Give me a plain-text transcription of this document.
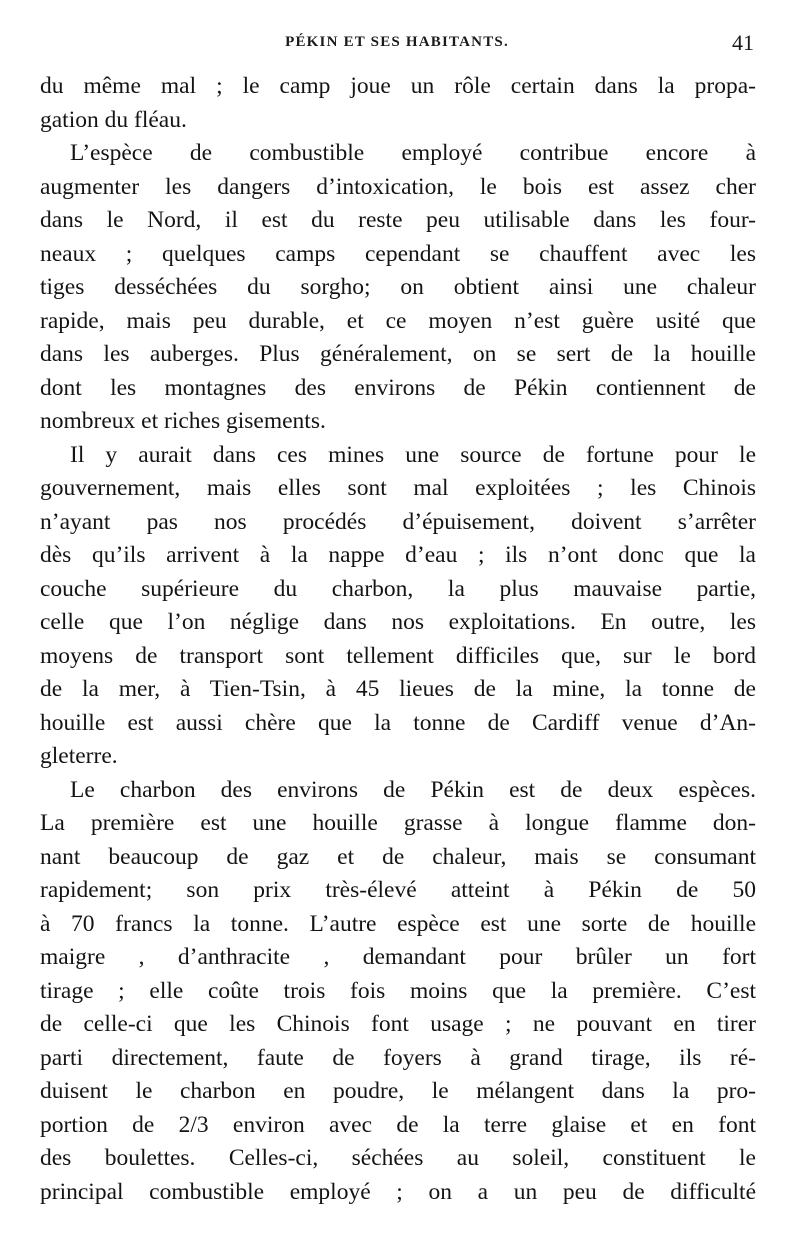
PÉKIN ET SES HABITANTS.	41
du même mal ; le camp joue un rôle certain dans la propa-
gation du fléau.
L’espèce de combustible employé contribue encore à
augmenter les dangers d’intoxication, le bois est assez cher
dans le Nord, il est du reste peu utilisable dans les four-
neaux ; quelques camps cependant se chauffent avec les
tiges desséchées du sorgho; on obtient ainsi une chaleur
rapide, mais peu durable, et ce moyen n’est guère usité que
dans les auberges. Plus généralement, on se sert de la houille
dont les montagnes des environs de Pékin contiennent de
nombreux et riches gisements.
Il y aurait dans ces mines une source de fortune pour le
gouvernement, mais elles sont mal exploitées ; les Chinois
n’ayant pas nos procédés d’épuisement, doivent s’arrêter
dès qu’ils arrivent à la nappe d’eau ; ils n’ont donc que la
couche supérieure du charbon, la plus mauvaise partie,
celle que l’on néglige dans nos exploitations. En outre, les
moyens de transport sont tellement difficiles que, sur le bord
de la mer, à Tien-Tsin, à 45 lieues de la mine, la tonne de
houille est aussi chère que la tonne de Cardiff venue d’An-
gleterre.
Le charbon des environs de Pékin est de deux espèces.
La première est une houille grasse à longue flamme don-
nant beaucoup de gaz et de chaleur, mais se consumant
rapidement; son prix très-élevé atteint à Pékin de 50
à 70 francs la tonne. L’autre espèce est une sorte de houille
maigre , d’anthracite , demandant pour brûler un fort
tirage ; elle coûte trois fois moins que la première. C’est
de celle-ci que les Chinois font usage ; ne pouvant en tirer
parti directement, faute de foyers à grand tirage, ils ré-
duisent le charbon en poudre, le mélangent dans la pro-
portion de 2/3 environ avec de la terre glaise et en font
des boulettes. Celles-ci, séchées au soleil, constituent le
principal combustible employé ; on a un peu de difficulté
